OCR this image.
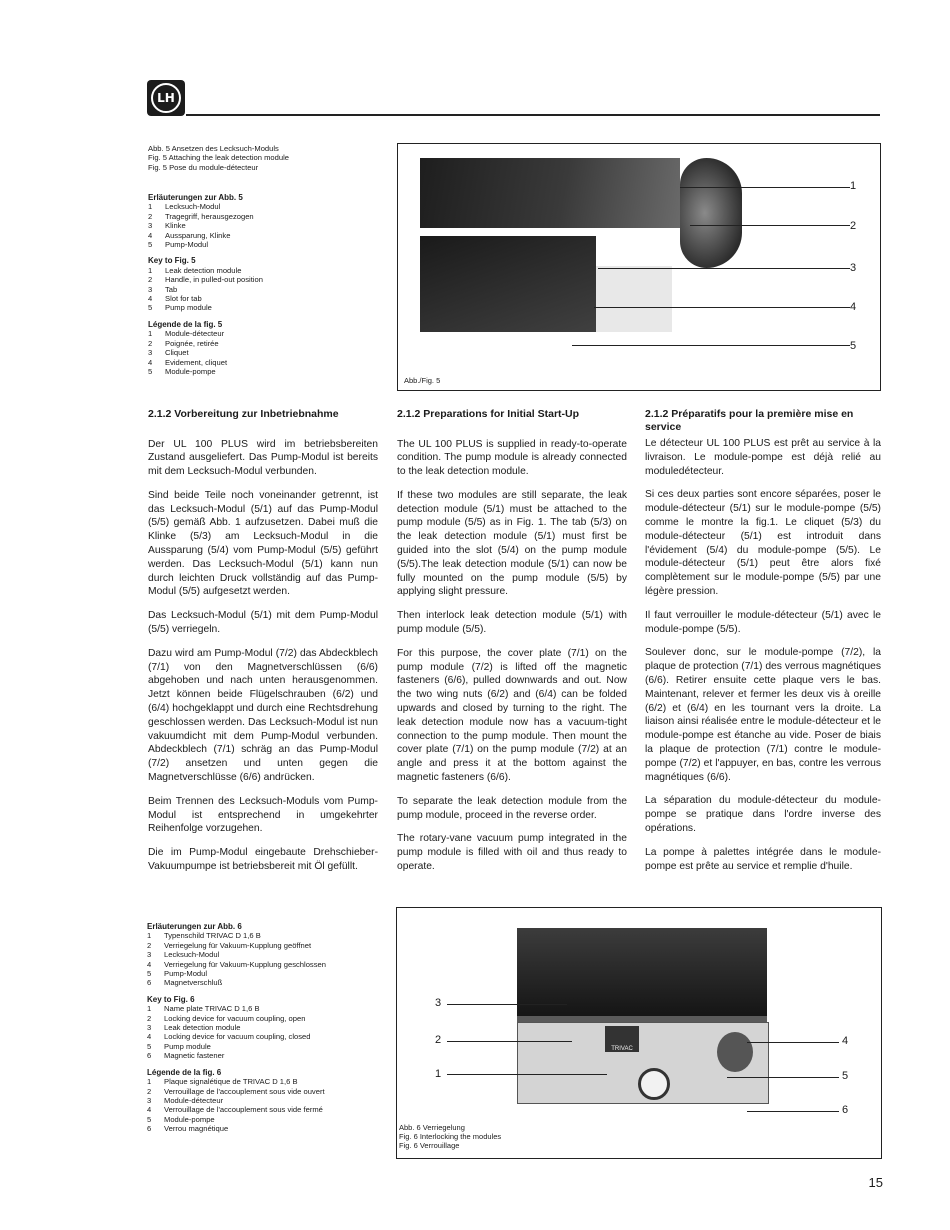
LH
Abb. 5 Ansetzen des Lecksuch-Moduls
Fig. 5 Attaching the leak detection module
Fig. 5 Pose du module-détecteur
Erläuterungen zur Abb. 5
1	Lecksuch-Modul
2	Tragegriff, herausgezogen
3	Klinke
4	Aussparung, Klinke
5	Pump-Modul
Key to Fig. 5
1	Leak detection module
2	Handle, in pulled-out position
3	Tab
4	Slot for tab
5	Pump module
Légende de la fig. 5
1	Module-détecteur
2	Poignée, retirée
3	Cliquet
4	Evidement, cliquet
5	Module-pompe
1
2
3
4
5
Abb./Fig. 5
2.1.2 Vorbereitung zur Inbetriebnahme

Der UL 100 PLUS wird im betriebsbereiten Zustand ausgeliefert. Das Pump-Modul ist bereits mit dem Lecksuch-Modul verbunden.

Sind beide Teile noch voneinander getrennt, ist das Lecksuch-Modul (5/1) auf das Pump-Modul (5/5) gemäß Abb. 1 aufzusetzen. Dabei muß die Klinke (5/3) am Lecksuch-Modul in die Aussparung (5/4) vom Pump-Modul (5/5) geführt werden. Das Lecksuch-Modul (5/1) kann nun durch leichten Druck vollständig auf das Pump-Modul (5/5) aufgesetzt werden.

Das Lecksuch-Modul (5/1) mit dem Pump-Modul (5/5) verriegeln.

Dazu wird am Pump-Modul (7/2) das Abdeckblech (7/1) von den Magnetverschlüssen (6/6) abgehoben und nach unten herausgenommen. Jetzt können beide Flügelschrauben (6/2) und (6/4) hochgeklappt und durch eine Rechtsdrehung geschlossen werden. Das Lecksuch-Modul ist nun vakuumdicht mit dem Pump-Modul verbunden. Abdeckblech (7/1) schräg an das Pump-Modul (7/2) ansetzen und unten gegen die Magnetverschlüsse (6/6) andrücken.

Beim Trennen des Lecksuch-Moduls vom Pump-Modul ist entsprechend in umgekehrter Reihenfolge vorzugehen.

Die im Pump-Modul eingebaute Drehschieber-Vakuumpumpe ist betriebsbereit mit Öl gefüllt.

2.1.2 Preparations for Initial Start-Up

The UL 100 PLUS is supplied in ready-to-operate condition. The pump module is already connected to the leak detection module.

If these two modules are still separate, the leak detection module (5/1) must be attached to the pump module (5/5) as in Fig. 1. The tab (5/3) on the leak detection module (5/1) must first be guided into the slot (5/4) on the pump module (5/5).The leak detection module (5/1) can now be fully mounted on the pump module (5/5) by applying slight pressure.

Then interlock leak detection module (5/1) with pump module (5/5).

For this purpose, the cover plate (7/1) on the pump module (7/2) is lifted off the magnetic fasteners (6/6), pulled downwards and out. Now the two wing nuts (6/2) and (6/4) can be folded upwards and closed by turning to the right. The leak detection module now has a vacuum-tight connection to the pump module. Then mount the cover plate (7/1) on the pump module (7/2) at an angle and press it at the bottom against the magnetic fasteners (6/6).

To separate the leak detection module from the pump module, proceed in the reverse order.

The rotary-vane vacuum pump integrated in the pump module is filled with oil and thus ready to operate.

2.1.2 Préparatifs pour la première mise en service

Le détecteur UL 100 PLUS est prêt au service à la livraison. Le module-pompe est déjà relié au moduledétecteur.

Si ces deux parties sont encore séparées, poser le module-détecteur (5/1) sur le module-pompe (5/5) comme le montre la fig.1. Le cliquet (5/3) du module-détecteur (5/1) est introduit dans l'évidement (5/4) du module-pompe (5/5). Le module-détecteur (5/1) peut être alors fixé complètement sur le module-pompe (5/5) par une légère pression.

Il faut verrouiller le module-détecteur (5/1) avec le module-pompe (5/5).

Soulever donc, sur le module-pompe (7/2), la plaque de protection (7/1) des verrous magnétiques (6/6). Retirer ensuite cette plaque vers le bas. Maintenant, relever et fermer les deux vis à oreille (6/2) et (6/4) en les tournant vers la droite. La liaison ainsi réalisée entre le module-détecteur et le module-pompe est étanche au vide. Poser de biais la plaque de protection (7/1) contre le module-pompe (7/2) et l'appuyer, en bas, contre les verrous magnétiques (6/6).

La séparation du module-détecteur du module-pompe se pratique dans l'ordre inverse des opérations.

La pompe à palettes intégrée dans le module-pompe est prête au service et remplie d'huile.

Erläuterungen zur Abb. 6
1	Typenschild TRIVAC D 1,6 B
2	Verriegelung für Vakuum-Kupplung geöffnet
3	Lecksuch-Modul
4	Verriegelung für Vakuum-Kupplung geschlossen
5	Pump-Modul
6	Magnetverschluß
Key to Fig. 6
1	Name plate TRIVAC D 1,6 B
2	Locking device for vacuum coupling, open
3	Leak detection module
4	Locking device for vacuum coupling, closed
5	Pump module
6	Magnetic fastener
Légende de la fig. 6
1	Plaque signalétique de TRIVAC D 1,6 B
2	Verrouillage de l'accouplement sous vide ouvert
3	Module-détecteur
4	Verrouillage de l'accouplement sous vide fermé
5	Module-pompe
6	Verrou magnétique
TRIVAC
3
2
1
4
5
6
Abb. 6 Verriegelung
Fig. 6 Interlocking the modules
Fig. 6 Verrouillage
15
